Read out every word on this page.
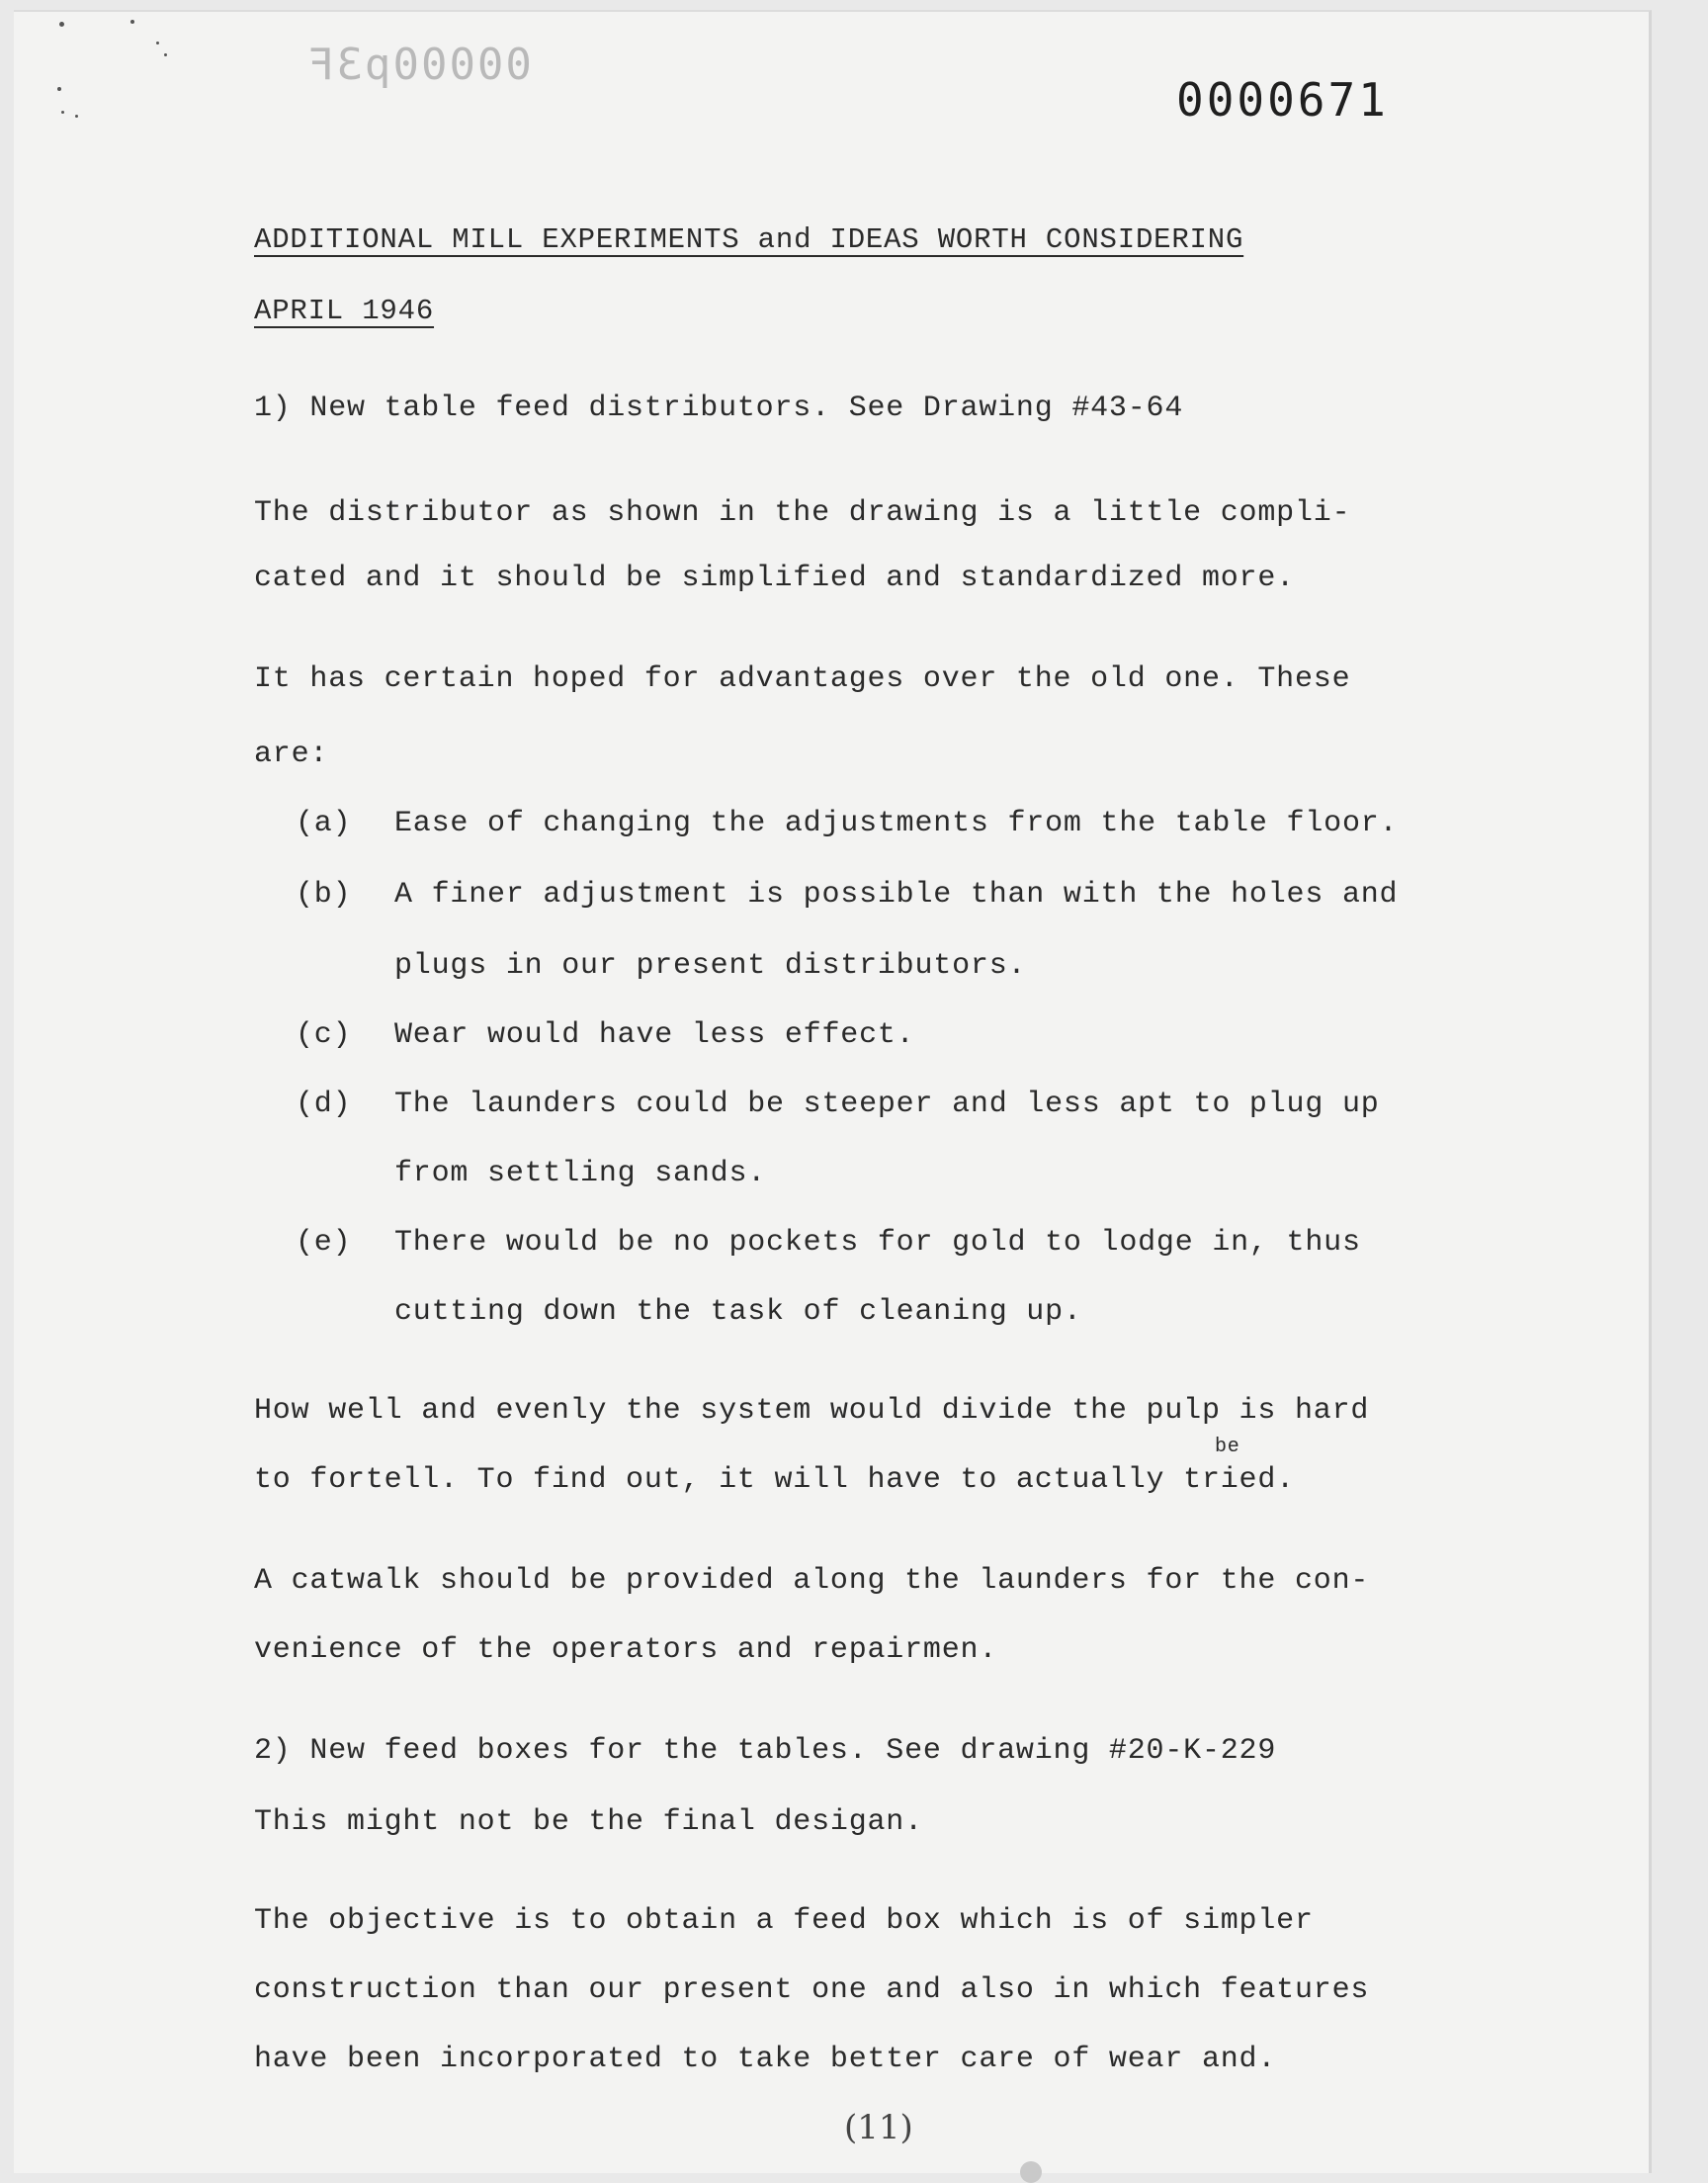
00000p3F
0000671
ADDITIONAL MILL EXPERIMENTS and IDEAS WORTH CONSIDERING
APRIL 1946
1) New table feed distributors. See Drawing #43-64
The distributor as shown in the drawing is a little compli-
cated and it should be simplified and standardized more.
It has certain hoped for advantages over the old one. These
are:
(a) Ease of changing the adjustments from the table floor.
(b) A finer adjustment is possible than with the holes and
plugs in our present distributors.
(c) Wear would have less effect.
(d) The launders could be steeper and less apt to plug up
from settling sands.
(e) There would be no pockets for gold to lodge in, thus
cutting down the task of cleaning up.
How well and evenly the system would divide the pulp is hard
be
to fortell. To find out, it will have to actually tried.
A catwalk should be provided along the launders for the con-
venience of the operators and repairmen.
2) New feed boxes for the tables. See drawing #20-K-229
This might not be the final desigan.
The objective is to obtain a feed box which is of simpler
construction than our present one and also in which features
have been incorporated to take better care of wear and.
(11)
